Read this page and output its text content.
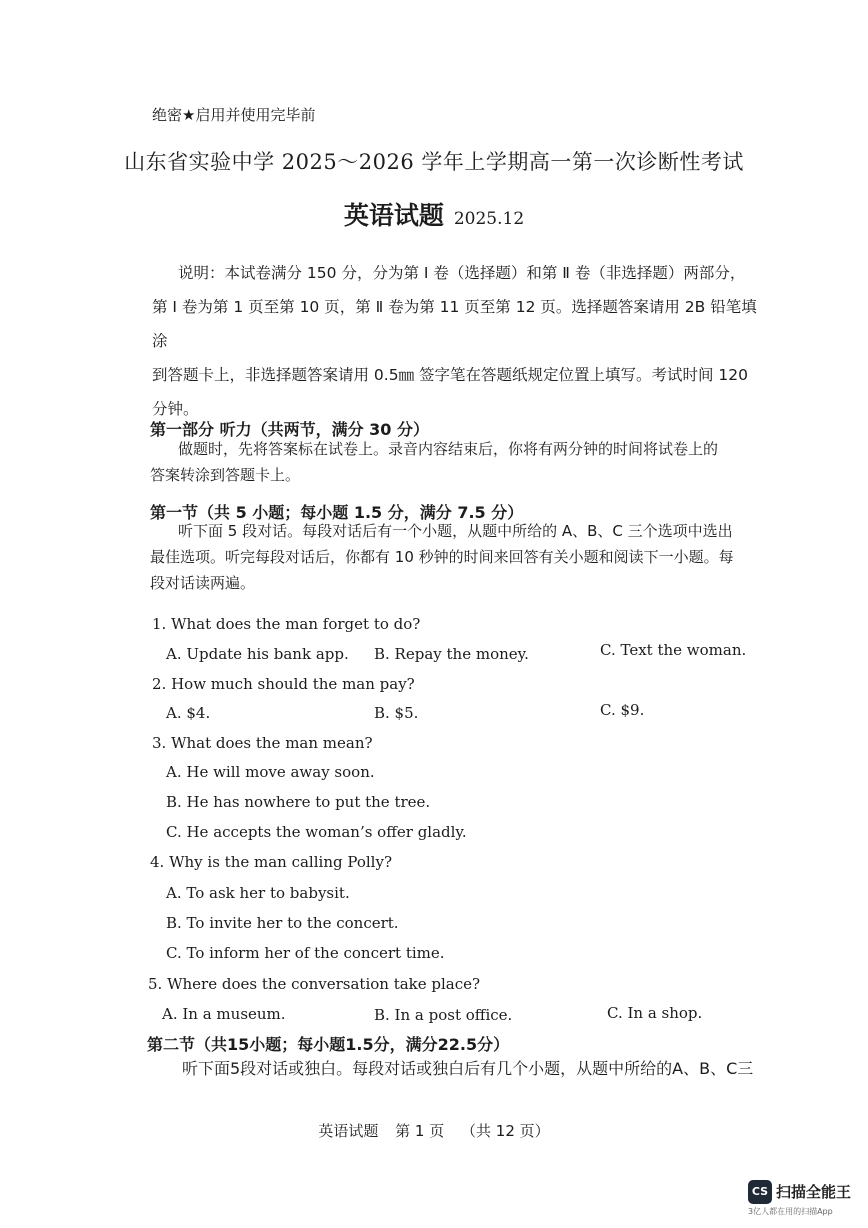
绝密★启用并使用完毕前
山东省实验中学 2025～2026 学年上学期高一第一次诊断性考试
英语试题 2025.12

说明：本试卷满分 150 分，分为第 Ⅰ 卷（选择题）和第 Ⅱ 卷（非选择题）两部分，

第 Ⅰ 卷为第 1 页至第 10 页，第 Ⅱ 卷为第 11 页至第 12 页。选择题答案请用 2B 铅笔填涂

到答题卡上，非选择题答案请用 0.5㎜ 签字笔在答题纸规定位置上填写。考试时间 120

分钟。

第一部分 听力（共两节，满分 30 分）
做题时，先将答案标在试卷上。录音内容结束后，你将有两分钟的时间将试卷上的
答案转涂到答题卡上。
第一节（共 5 小题；每小题 1.5 分，满分 7.5 分）
听下面 5 段对话。每段对话后有一个小题，从题中所给的 A、B、C 三个选项中选出
最佳选项。听完每段对话后，你都有 10 秒钟的时间来回答有关小题和阅读下一小题。每
段对话读两遍。
1. What does the man forget to do?
A. Update his bank app. B. Repay the money.	C. Text the woman.
2. How much should the man pay?
A. $4.	B. $5.	C. $9.
3. What does the man mean?
A. He will move away soon.
B. He has nowhere to put the tree.
C. He accepts the woman’s offer gladly.
4. Why is the man calling Polly?
A. To ask her to babysit.
B. To invite her to the concert.
C. To inform her of the concert time.
5. Where does the conversation take place?
A. In a museum.	B. In a post office.	C. In a shop.
第二节（共15小题；每小题1.5分，满分22.5分）
听下面5段对话或独白。每段对话或独白后有几个小题，从题中所给的A、B、C三
英语试题 第 1 页 （共 12 页）
CS 扫描全能王
3亿人都在用的扫描App
